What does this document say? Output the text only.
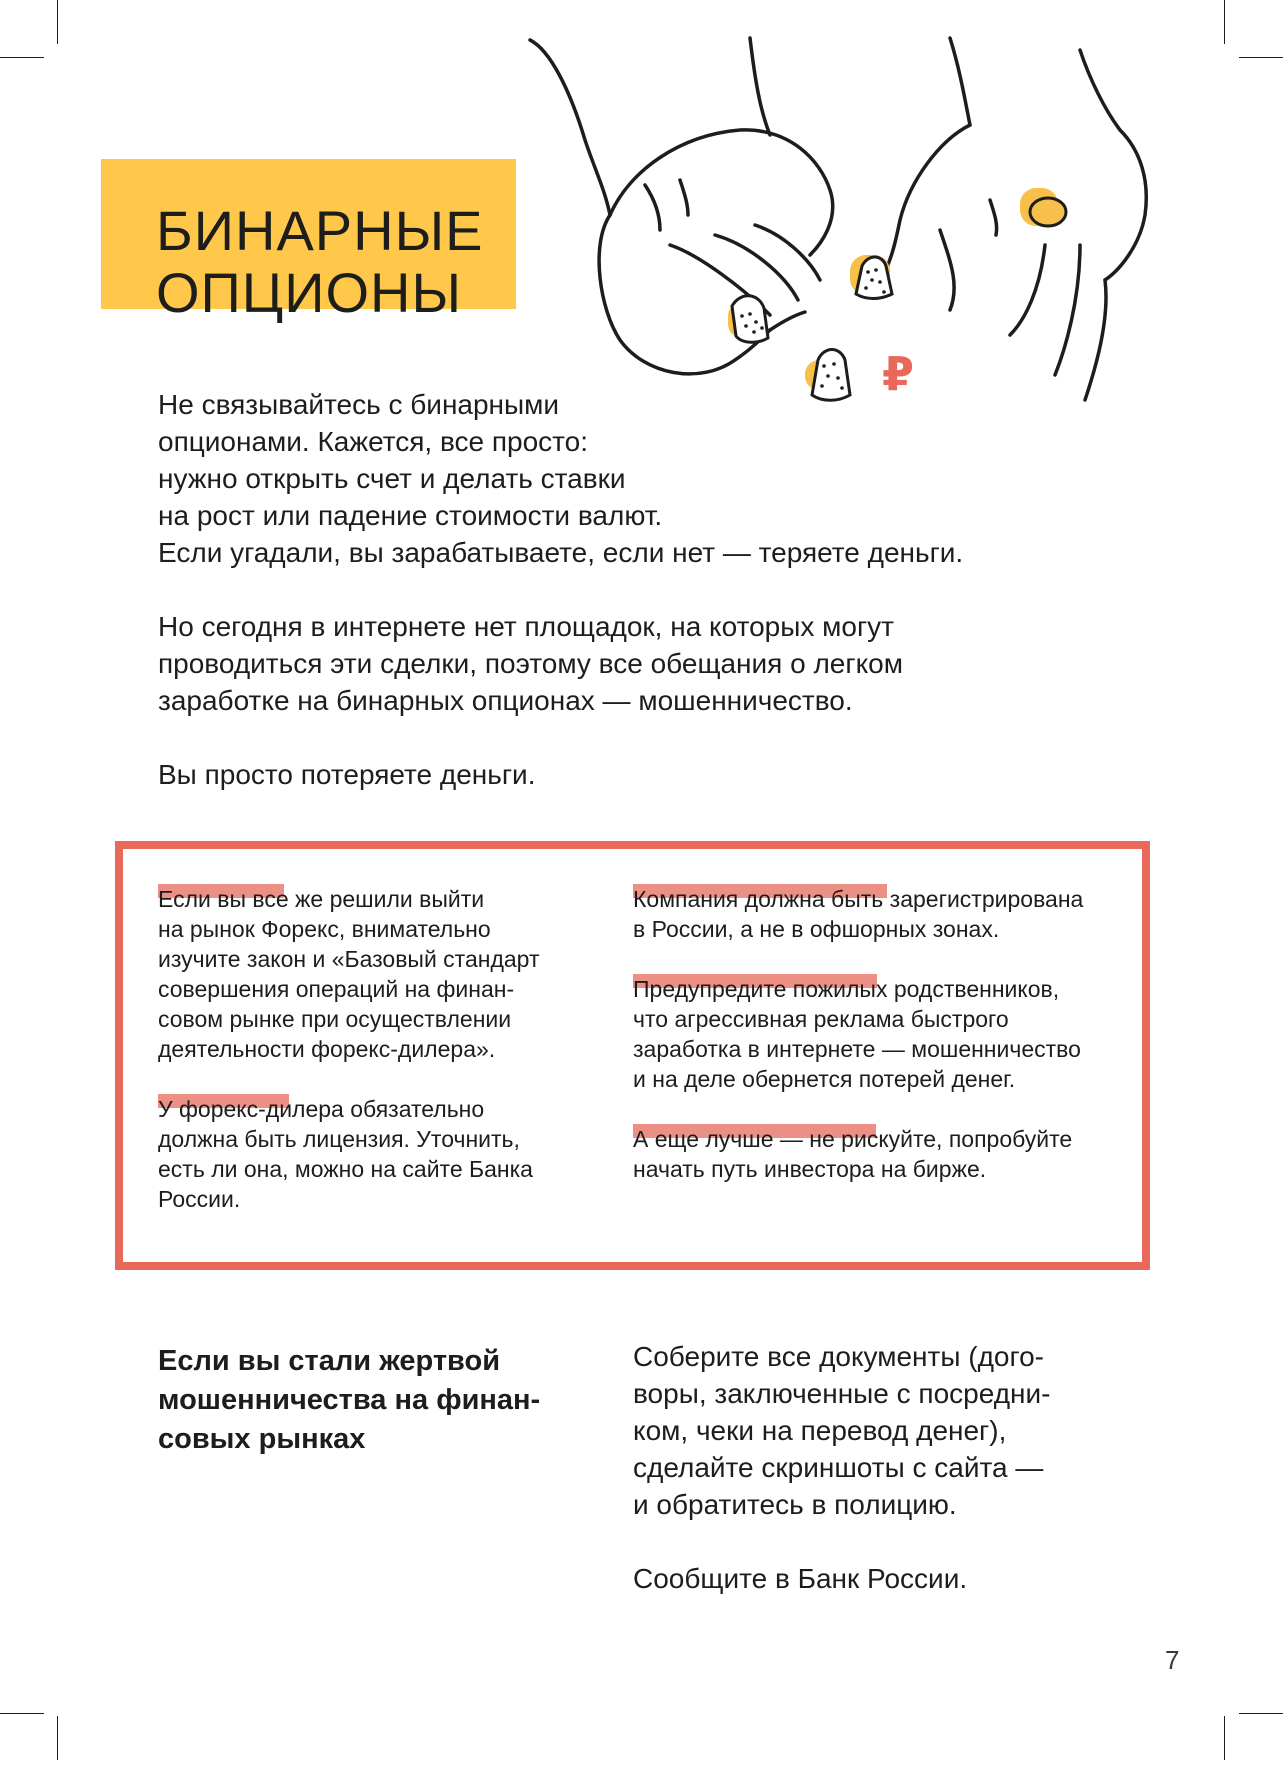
БИНАРНЫЕ
ОПЦИОНЫ
₽

Не связывайтесь с бинарными
опционами. Кажется, все просто:
нужно открыть счет и делать ставки
на рост или падение стоимости валют.
Если угадали, вы зарабатываете, если нет — теряете деньги.

Но сегодня в интернете нет площадок, на которых могут
проводиться эти сделки, поэтому все обещания о легком
заработке на бинарных опционах — мошенничество.

Вы просто потеряете деньги.

Если вы все же решили выйти
на рынок Форекс, внимательно
изучите закон и «Базовый стандарт
совершения операций на финан-
совом рынке при осуществлении
деятельности форекс-дилера».
У форекс-дилера обязательно
должна быть лицензия. Уточнить,
есть ли она, можно на сайте Банка
России.
Компания должна быть зарегистрирована
в России, а не в офшорных зонах.
Предупредите пожилых родственников,
что агрессивная реклама быстрого
заработка в интернете — мошенничество
и на деле обернется потерей денег.
А еще лучше — не рискуйте, попробуйте
начать путь инвестора на бирже.
Если вы стали жертвой
мошенничества на финан-
совых рынках

Соберите все документы (дого-
воры, заключенные с посредни-
ком, чеки на перевод денег),
сделайте скриншоты с сайта —
и обратитесь в полицию.

Сообщите в Банк России.

7
